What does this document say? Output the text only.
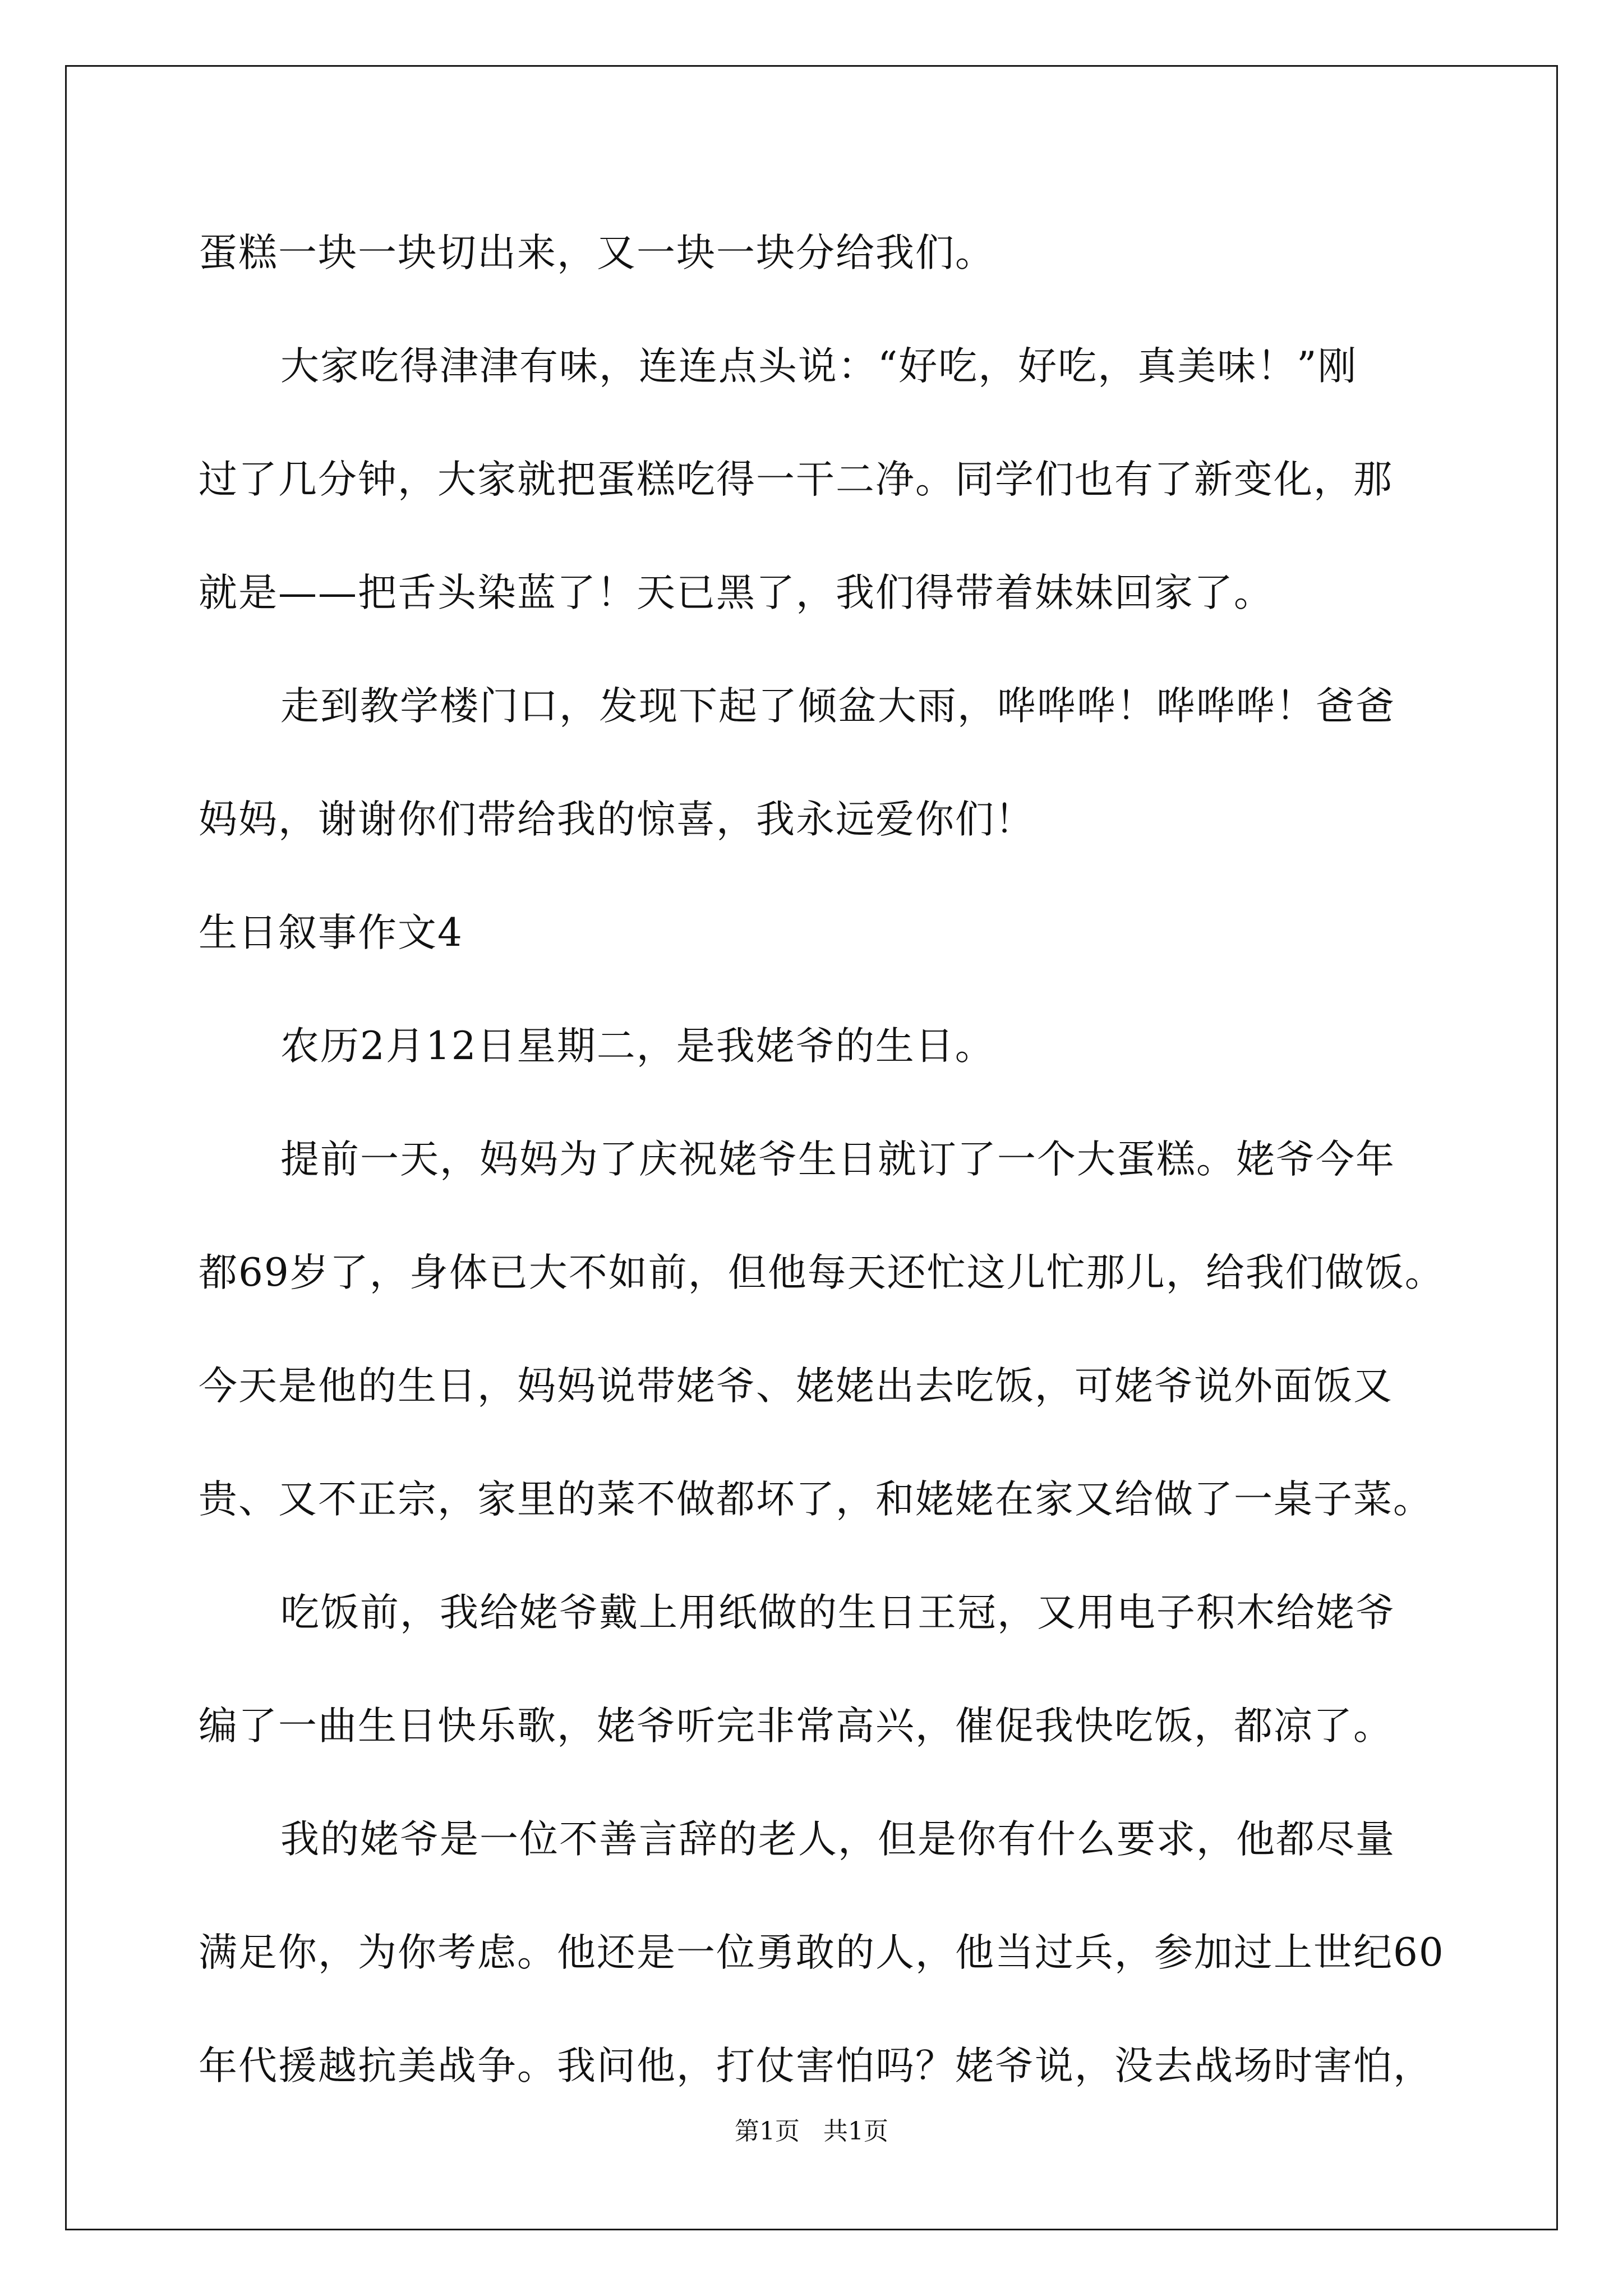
蛋糕一块一块切出来，又一块一块分给我们。
大家吃得津津有味，连连点头说：“好吃，好吃，真美味！”刚
过了几分钟，大家就把蛋糕吃得一干二净。同学们也有了新变化，那
就是——把舌头染蓝了！天已黑了，我们得带着妹妹回家了。
走到教学楼门口，发现下起了倾盆大雨，哗哗哗！哗哗哗！爸爸
妈妈，谢谢你们带给我的惊喜，我永远爱你们！
生日叙事作文4
农历2月12日星期二，是我姥爷的生日。
提前一天，妈妈为了庆祝姥爷生日就订了一个大蛋糕。姥爷今年
都69岁了，身体已大不如前，但他每天还忙这儿忙那儿，给我们做饭。
今天是他的生日，妈妈说带姥爷、姥姥出去吃饭，可姥爷说外面饭又
贵、又不正宗，家里的菜不做都坏了，和姥姥在家又给做了一桌子菜。
吃饭前，我给姥爷戴上用纸做的生日王冠，又用电子积木给姥爷
编了一曲生日快乐歌，姥爷听完非常高兴，催促我快吃饭，都凉了。
我的姥爷是一位不善言辞的老人，但是你有什么要求，他都尽量
满足你，为你考虑。他还是一位勇敢的人，他当过兵，参加过上世纪60
年代援越抗美战争。我问他，打仗害怕吗？姥爷说，没去战场时害怕，
第1页   共1页
